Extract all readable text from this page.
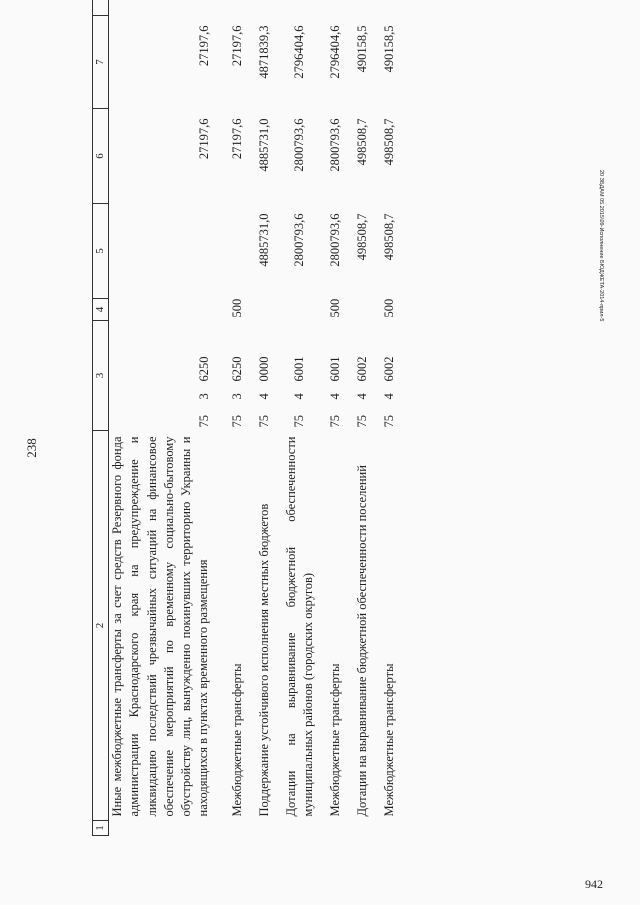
238
942
20 ЗБДАМ 05.2015\09-Исполнение БЮДЖЕТА-2014-прил-5
1	2	3	4	5	6	7	
	Иные межбюджетные трансферты за счет средств Резервного фонда администрации Краснодарского края на предупреждение и ликвидацию последствий чрезвычайных ситуаций на финансовое обеспечение мероприятий по временному социально-бытовому обустройству лиц, вынужденно покинувших территорию Украины и находящихся в пунктах временного размещения	7536250			27197,6	27197,6	
	Межбюджетные трансферты	7536250	500		27197,6	27197,6	
	Поддержание устойчивого исполнения местных бюджетов	7540000		4885731,0	4885731,0	4871839,3	
	Дотации на выравнивание бюджетной обеспеченности муниципальных районов (городских округов)	7546001		2800793,6	2800793,6	2796404,6	
	Межбюджетные трансферты	7546001	500	2800793,6	2800793,6	2796404,6	
	Дотации на выравнивание бюджетной обеспеченности поселений	7546002		498508,7	498508,7	490158,5	
	Межбюджетные трансферты	7546002	500	498508,7	498508,7	490158,5	
